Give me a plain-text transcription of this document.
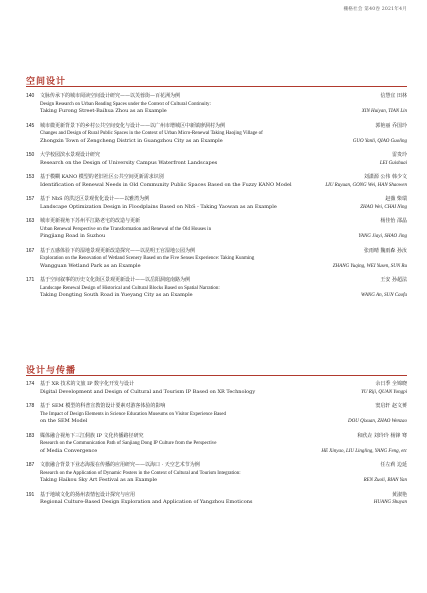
栅格社会 第40卷 2021年4月
空间设计
140	文脉传承下的城市阅读空间设计研究——以芙蓉街—百花洲为例	信慧宜 田林
Design Research on Urban Reading Spaces under the Context of Cultural Continuity:
Taking Furong Street-Baihua Zhou as an Example	XIN Huiyan, TIAN Lin
145	城市微更新背景下的乡村公共空间变化与设计——以广州市增城区中新镇廖洞村为例	郭艳丽 乔国玲
Changes and Design of Rural Public Spaces in the Context of Urban Micro-Renewal Taking Haojing Village of
Zhongxin Town of Zengcheng District in Guangzhou City as an Example	GUO Yanli, QIAO Guoling
150	大学校园滨水景观设计研究	雷贵玲
Research on the Design of University Campus Waterfront Landscapes	LEI Guishuai
153	基于模糊 KANO 模型的老旧社区公共空间更新需求识别	刘潇源 公伟 韩少文
Identification of Renewal Needs in Old Community Public Spaces Based on the Fuzzy KANO Model	LIU Ruyuan, GONG Wei, HAN Shaowen
157	基于 NbS 的洪泛区景观优化设计——以雅湾为例	赵薇 柴瑞
Landscape Optimization Design in Floodplains Based on NbS - Taking Yaowan as an Example	ZHAO Wei, CHAI Ning
163	城市更新视角下苏州平江路老宅的改造与更新	杨佳怡 邵晶
Urban Renewal Perspective on the Transformation and Renewal of the Old Houses in
Pingjiang Road in Suzhou	YANG Jiayi, SHAO Jing
167	基于五感体验下的湿地景观更新改造探究——以昆明王官湿地公园为例	张雨晴 魏雨森 孙汝
Exploration on the Renovation of Wetland Scenery Based on the Five Senses Experience: Taking Kunming
Wangguan Wetland Park as an Example	ZHANG Yuqing, WEI Yusen, SUN Ru
171	基于空间叙事的历史文化街区景观更新设计——以岳阳洞庭南路为例	王安 孙超法
Landscape Renewal Design of Historical and Cultural Blocks Based on Spatial Narration:
Taking Dongting South Road in Yueyang City as an Example	WANG An, SUN Caofa
设计与传播
174	基于 XR 技术的文旅 IP 数字化开发与设计	余日季 全锦晓
Digital Development and Design of Cultural and Tourism IP Based on XR Technology	YU Riji, QUAN Yongpi
178	基于 SEM 模型的科普宣教馆设计要素对游客体验的影响	窦启轩 赵文赟
The Impact of Design Elements in Science Education Museums on Visitor Experience Based
on the SEM Model	DOU Qixuan, ZHAO Wenzao
183	媒体融合视角下三江侗族 IP 文化传播路径研究	和欣垚 刘玲玲 杨锋 骞
Research on the Communication Path of Sanjiang Dong IP Culture from the Perspective
of Media Convergence	HE Xinyao, LIU Lingling, YANG Feng, etc
187	文旅融合背景下业态海报在传播的应用研究——以海口 · 天空艺术节为例	任左莉 边延
Research on the Application of Dynamic Posters in the Context of Cultural and Tourism Integration:
Taking Haikou Sky Art Festival as an Example	REN Zuoli, BIAN Yan
191	基于地域文化的扬州表情包设计探究与应用	黄淑艳
Regional Culture-Based Design Exploration and Application of Yangzhou Emoticons	HUANG Shuyan
